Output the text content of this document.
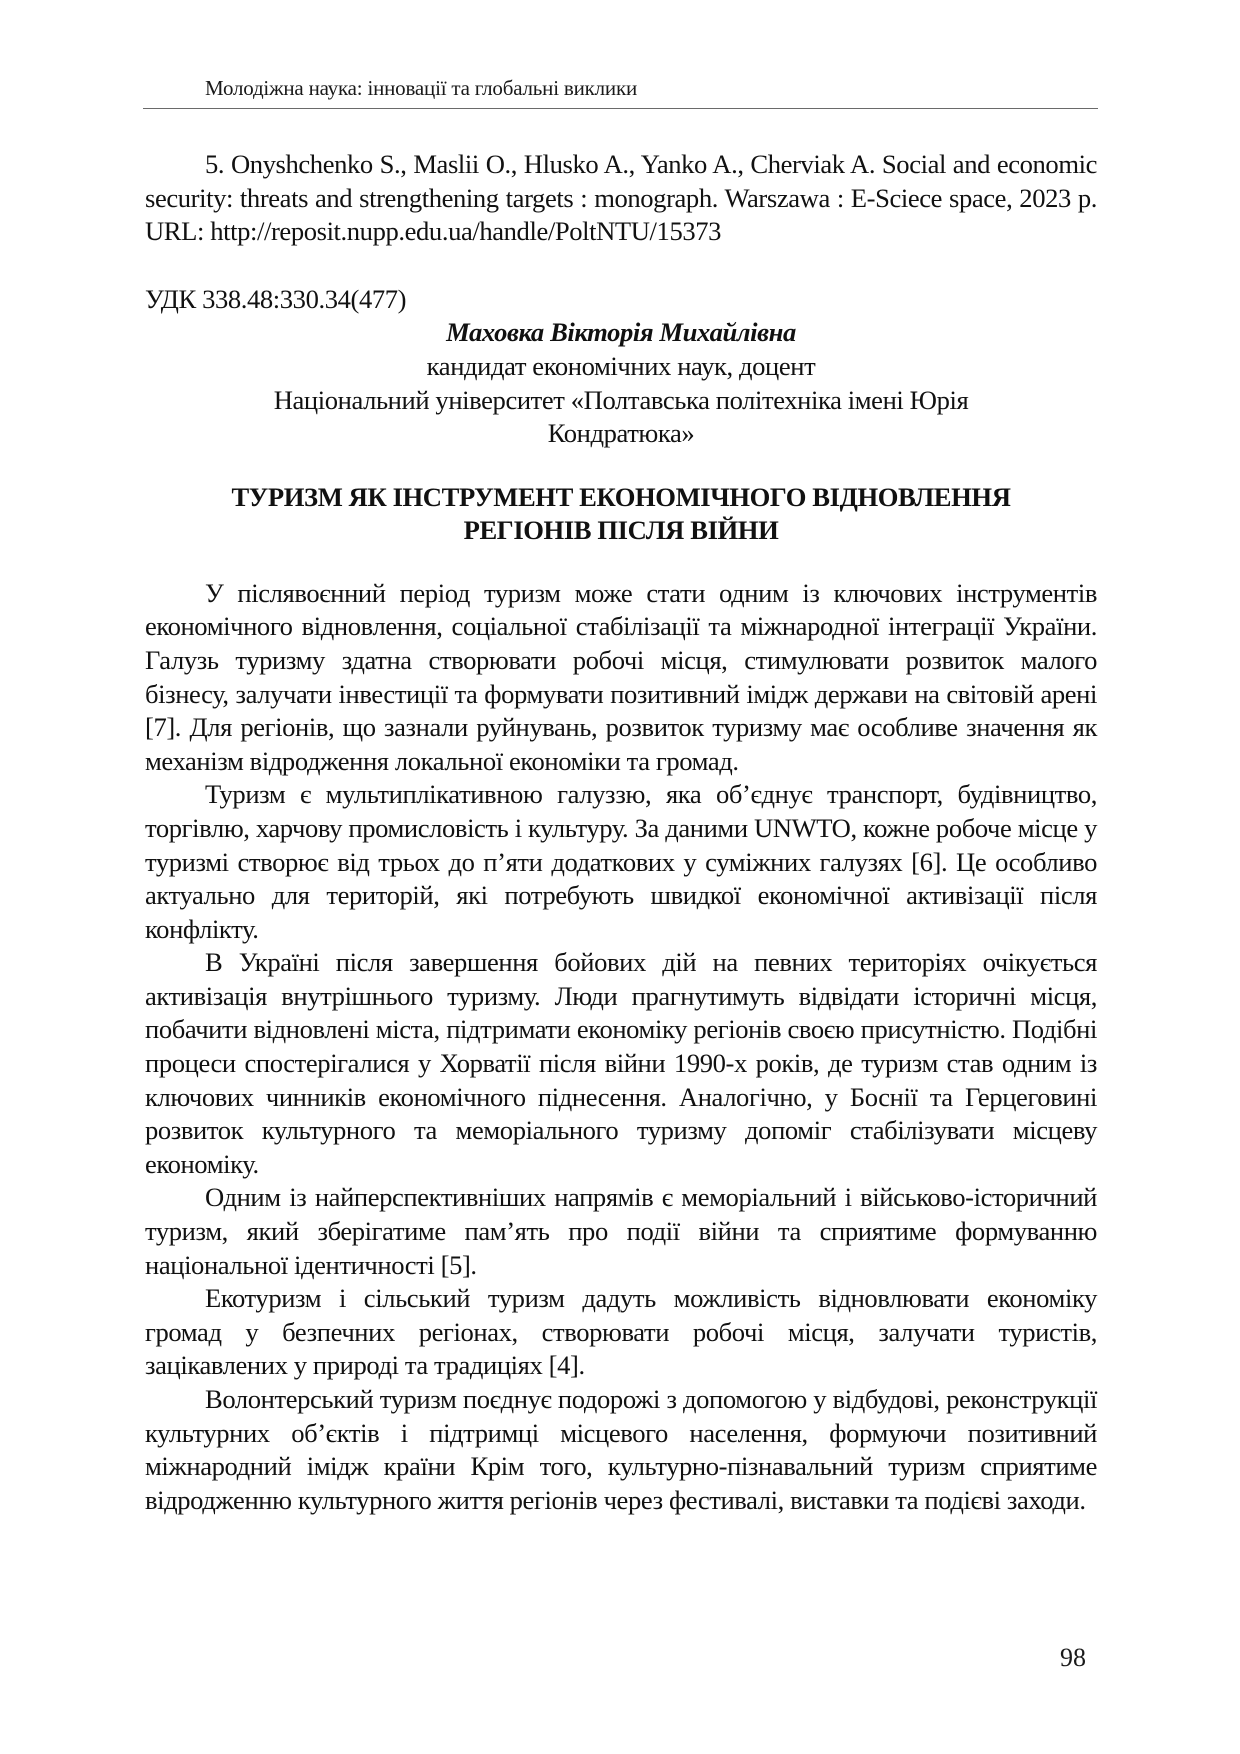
Молодіжна наука: інновації та глобальні виклики

5. Onyshchenko S., Maslii O., Hlusko A., Yanko A., Cherviak A. Social and economic security: threats and strengthening targets : monograph. Warszawa : E-Sciece space, 2023 p. URL: http://reposit.nupp.edu.ua/handle/PoltNTU/15373

УДК 338.48:330.34(477)

Маховка Вікторія Михайлівна
кандидат економічних наук, доцент
Національний університет «Полтавська політехніка імені Юрія
Кондратюка»
ТУРИЗМ ЯК ІНСТРУМЕНТ ЕКОНОМІЧНОГО ВІДНОВЛЕННЯ
РЕГІОНІВ ПІСЛЯ ВІЙНИ

У післявоєнний період туризм може стати одним із ключових інструментів економічного відновлення, соціальної стабілізації та міжнародної інтеграції України. Галузь туризму здатна створювати робочі місця, стимулювати розвиток малого бізнесу, залучати інвестиції та формувати позитивний імідж держави на світовій арені [7]. Для регіонів, що зазнали руйнувань, розвиток туризму має особливе значення як механізм відродження локальної економіки та громад.

Туризм є мультиплікативною галуззю, яка об’єднує транспорт, будівництво, торгівлю, харчову промисловість і культуру. За даними UNWTO, кожне робоче місце у туризмі створює від трьох до п’яти додаткових у суміжних галузях [6]. Це особливо актуально для територій, які потребують швидкої економічної активізації після конфлікту.

В Україні після завершення бойових дій на певних територіях очікується активізація внутрішнього туризму. Люди прагнутимуть відвідати історичні місця, побачити відновлені міста, підтримати економіку регіонів своєю присутністю. Подібні процеси спостерігалися у Хорватії після війни 1990-х років, де туризм став одним із ключових чинників економічного піднесення. Аналогічно, у Боснії та Герцеговині розвиток культурного та меморіального туризму допоміг стабілізувати місцеву економіку.

Одним із найперспективніших напрямів є меморіальний і військово-історичний туризм, який зберігатиме пам’ять про події війни та сприятиме формуванню національної ідентичності [5].

Екотуризм і сільський туризм дадуть можливість відновлювати економіку громад у безпечних регіонах, створювати робочі місця, залучати туристів, зацікавлених у природі та традиціях [4].

Волонтерський туризм поєднує подорожі з допомогою у відбудові, реконструкції культурних об’єктів і підтримці місцевого населення, формуючи позитивний міжнародний імідж країни Крім того, культурно-пізнавальний туризм сприятиме відродженню культурного життя регіонів через фестивалі, виставки та подієві заходи.

98
